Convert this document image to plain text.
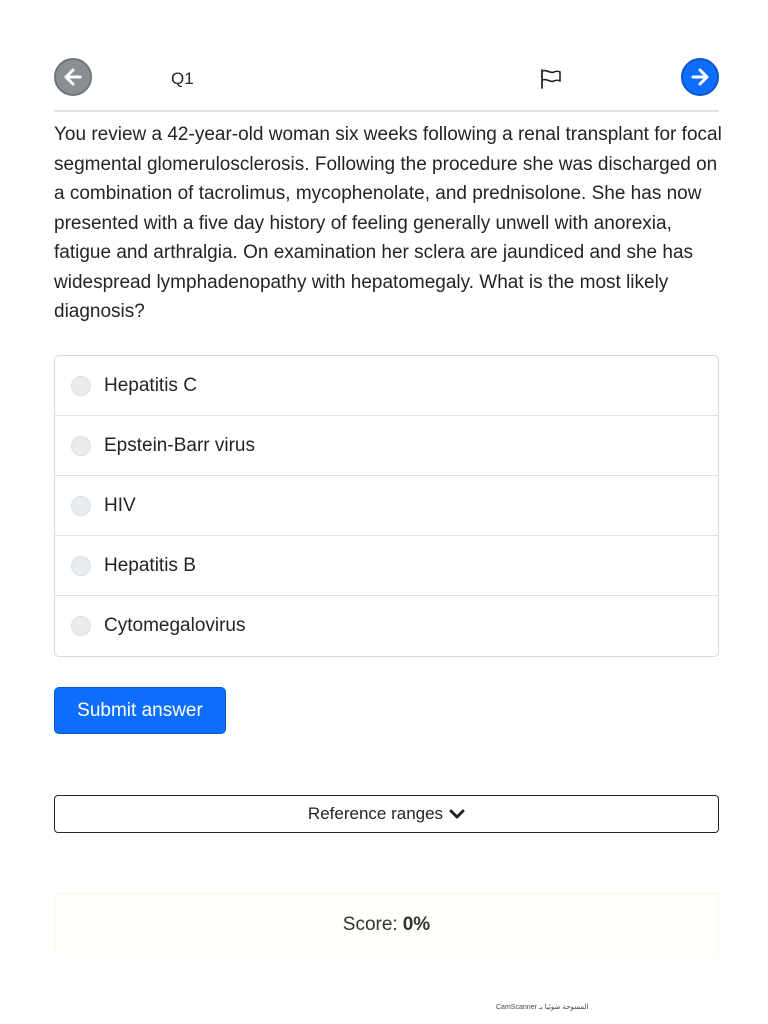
Q1

You review a 42-year-old woman six weeks following a renal transplant for focal segmental glomerulosclerosis. Following the procedure she was discharged on a combination of tacrolimus, mycophenolate, and prednisolone. She has now presented with a five day history of feeling generally unwell with anorexia, fatigue and arthralgia. On examination her sclera are jaundiced and she has widespread lymphadenopathy with hepatomegaly. What is the most likely diagnosis?

Hepatitis C
Epstein-Barr virus
HIV
Hepatitis B
Cytomegalovirus
Submit answer
Reference ranges
Score: 0%
CamScanner المسوحة ضوئيا بـ
